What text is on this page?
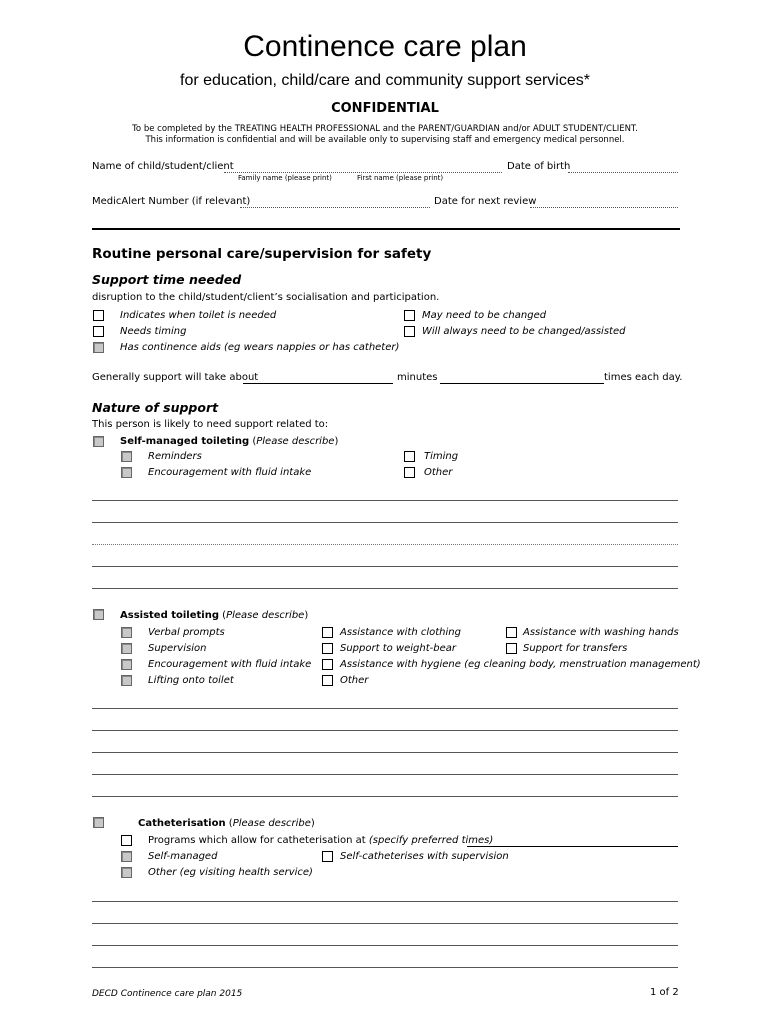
Continence care plan
for education, child/care and community support services*
CONFIDENTIAL
To be completed by the TREATING HEALTH PROFESSIONAL and the PARENT/GUARDIAN and/or ADULT STUDENT/CLIENT.
This information is confidential and will be available only to supervising staff and emergency medical personnel.
Name of child/student/client	Date of birth
Family name (please print)	First name (please print)
MedicAlert Number (if relevant)	Date for next review
Routine personal care/supervision for safety
Support time needed
disruption to the child/student/client’s socialisation and participation.
Indicates when toilet is needed
Needs timing
Has continence aids (eg wears nappies or has catheter)
May need to be changed
Will always need to be changed/assisted
Generally support will take about	minutes	times each day.
Nature of support
This person is likely to need support related to:
Self-managed toileting (Please describe)
Reminders
Encouragement with fluid intake
Timing
Other
Assisted toileting (Please describe)
Verbal prompts
Supervision
Encouragement with fluid intake
Lifting onto toilet
Assistance with clothing
Support to weight-bear
Assistance with hygiene (eg cleaning body, menstruation management)
Other
Assistance with washing hands
Support for transfers
Catheterisation (Please describe)
Programs which allow for catheterisation at (specify preferred times)
Self-managed
Other (eg visiting health service)
Self-catheterises with supervision
DECD Continence care plan 2015	1 of 2
